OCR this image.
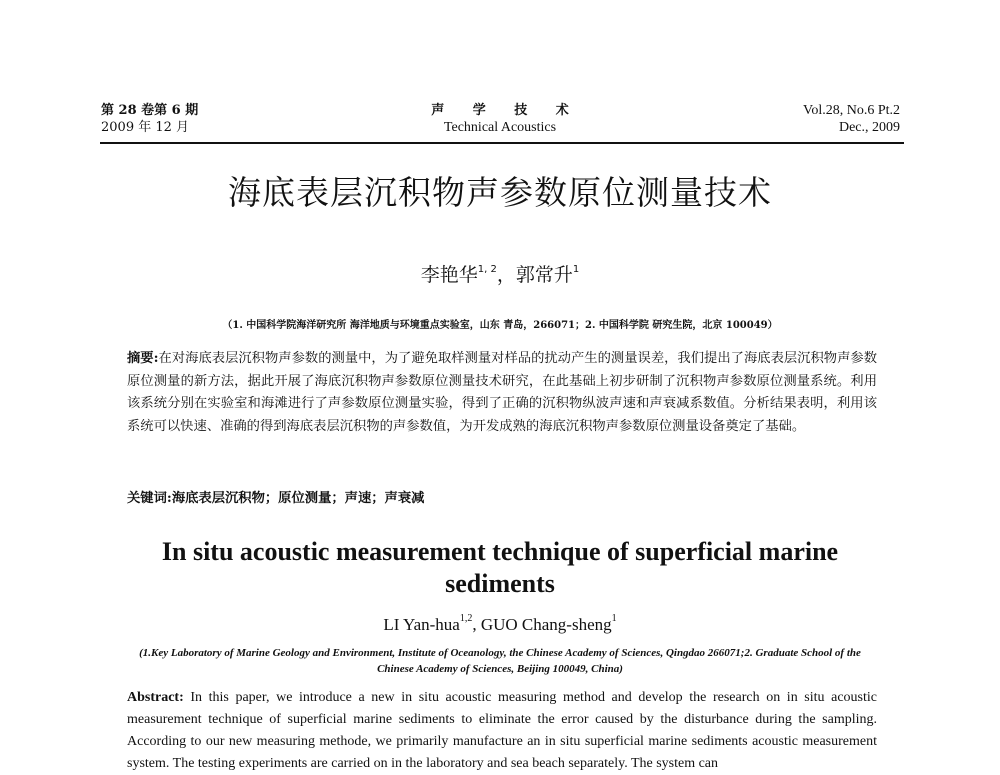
第 28 卷第 6 期
2009 年 12 月
声 学 技 术
Technical Acoustics
Vol.28, No.6 Pt.2
Dec., 2009
海底表层沉积物声参数原位测量技术
李艳华$^{1, 2}$，郭常升$^1$
（1. 中国科学院海洋研究所 海洋地质与环境重点实验室，山东 青岛，266071；2. 中国科学院 研究生院，北京 100049）
摘要:在对海底表层沉积物声参数的测量中，为了避免取样测量对样品的扰动产生的测量误差，我们提出了海底表层沉积物声参数原位测量的新方法，据此开展了海底沉积物声参数原位测量技术研究，在此基础上初步研制了沉积物声参数原位测量系统。利用该系统分别在实验室和海滩进行了声参数原位测量实验，得到了正确的沉积物纵波声速和声衰减系数值。分析结果表明，利用该系统可以快速、准确的得到海底表层沉积物的声参数值，为开发成熟的海底沉积物声参数原位测量设备奠定了基础。
关键词:海底表层沉积物；原位测量；声速；声衰减
In situ acoustic measurement technique of superficial marine sediments
LI Yan-hua$^{1,2}$, GUO Chang-sheng$^1$
(1.Key Laboratory of Marine Geology and Environment, Institute of Oceanology, the Chinese Academy of Sciences, Qingdao 266071;2. Graduate School of the Chinese Academy of Sciences, Beijing 100049, China)
Abstract: In this paper, we introduce a new in situ acoustic measuring method and develop the research on in situ acoustic measurement technique of superficial marine sediments to eliminate the error caused by the disturbance during the sampling. According to our new measuring methode, we primarily manufacture an in situ superficial marine sediments acoustic measurement system. The testing experiments are carried on in the laboratory and sea beach separately. The system can
